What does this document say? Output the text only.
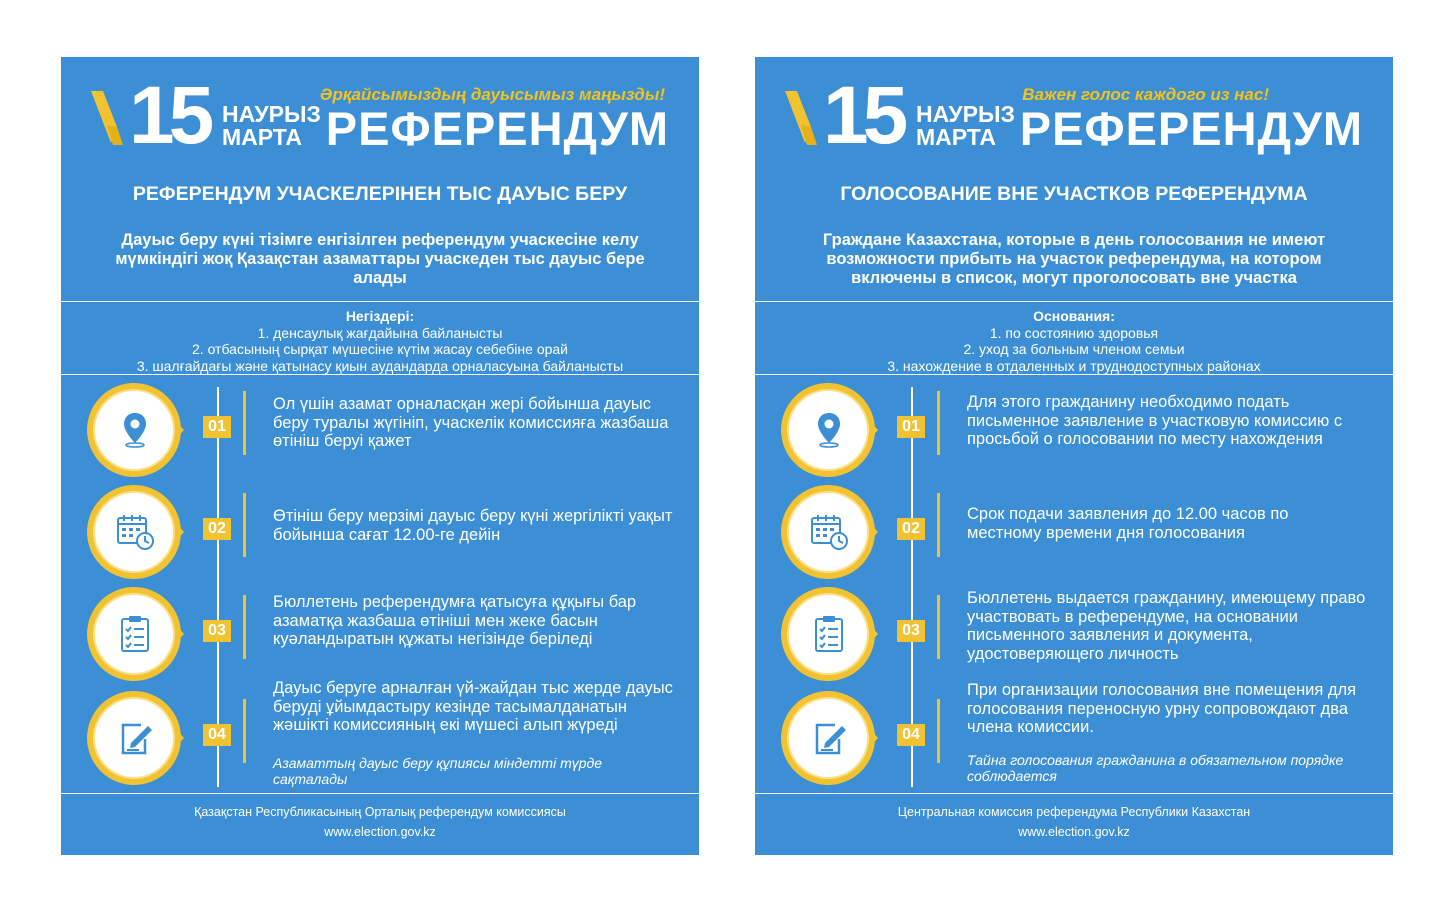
15 НАУРЫЗ
МАРТА
Әрқайсымыздың дауысымыз маңызды!
РЕФЕРЕНДУМ
РЕФЕРЕНДУМ УЧАСКЕЛЕРІНЕН ТЫС ДАУЫС БЕРУ
Дауыс беру күні тізімге енгізілген референдум учаскесіне келу мүмкіндігі жоқ Қазақстан азаматтары учаскеден тыс дауыс бере алады
Негіздері:
1. денсаулық жағдайына байланысты
2. отбасының сырқат мүшесіне күтім жасау себебіне орай
3. шалғайдағы және қатынасу қиын аудандарда орналасуына байланысты
01
Ол үшін азамат орналасқан жері бойынша дауыс беру туралы жүгініп, учаскелік комиссияға жазбаша өтініш беруі қажет
02
Өтініш беру мерзімі дауыс беру күні жергілікті уақыт бойынша сағат 12.00-ге дейін
03
Бюллетень референдумға қатысуға құқығы бар азаматқа жазбаша өтініші мен жеке басын куәландыратын құжаты негізінде беріледі
04
Дауыс беруге арналған үй-жайдан тыс жерде дауыс беруді ұйымдастыру кезінде тасымалданатын жәшікті комиссияның екі мүшесі алып жүреді
Азаматтың дауыс беру құпиясы міндетті түрде сақталады
Қазақстан Республикасының Орталық референдум комиссиясы
www.election.gov.kz
15 НАУРЫЗ
МАРТА
Важен голос каждого из нас!
РЕФЕРЕНДУМ
ГОЛОСОВАНИЕ ВНЕ УЧАСТКОВ РЕФЕРЕНДУМА
Граждане Казахстана, которые в день голосования не имеют возможности прибыть на участок референдума, на котором включены в список, могут проголосовать вне участка
Основания:
1. по состоянию здоровья
2. уход за больным членом семьи
3. нахождение в отдаленных и труднодоступных районах
01
Для этого гражданину необходимо подать письменное заявление в участковую комиссию с просьбой о голосовании по месту нахождения
02
Срок подачи заявления до 12.00 часов по местному времени дня голосования
03
Бюллетень выдается гражданину, имеющему право участвовать в референдуме, на основании письменного заявления и документа, удостоверяющего личность
04
При организации голосования вне помещения для голосования переносную урну сопровождают два члена комиссии.
Тайна голосования гражданина в обязательном порядке соблюдается
Центральная комиссия референдума Республики Казахстан
www.election.gov.kz
